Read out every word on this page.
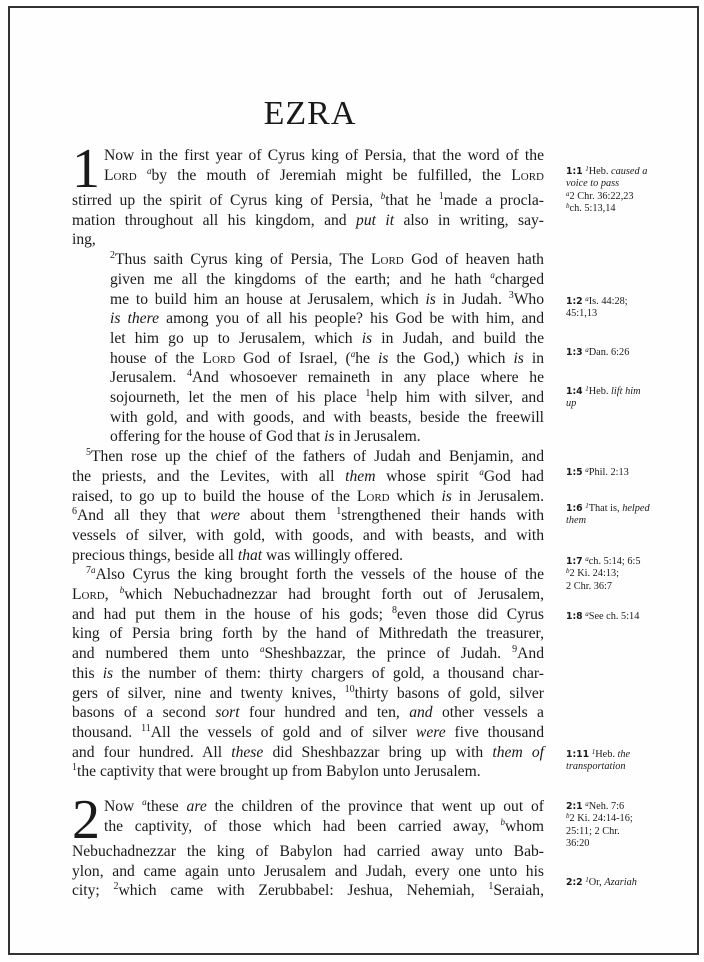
EZRA
1 Now in the first year of Cyrus king of Persia, that the word of the
Lord $^a$by the mouth of Jeremiah might be fulfilled, the Lord
stirred up the spirit of Cyrus king of Persia, $^b$that he $^1$made a procla-
mation throughout all his kingdom, and put it also in writing, say-
ing,
$^2$Thus saith Cyrus king of Persia, The Lord God of heaven hath
given me all the kingdoms of the earth; and he hath $^a$charged
me to build him an house at Jerusalem, which is in Judah. $^3$Who
is there among you of all his people? his God be with him, and
let him go up to Jerusalem, which is in Judah, and build the
house of the Lord God of Israel, ($^a$he is the God,) which is in
Jerusalem. $^4$And whosoever remaineth in any place where he
sojourneth, let the men of his place $^1$help him with silver, and
with gold, and with goods, and with beasts, beside the freewill
offering for the house of God that is in Jerusalem.
$^5$Then rose up the chief of the fathers of Judah and Benjamin, and
the priests, and the Levites, with all them whose spirit $^a$God had
raised, to go up to build the house of the Lord which is in Jerusalem.
$^6$And all they that were about them $^1$strengthened their hands with
vessels of silver, with gold, with goods, and with beasts, and with
precious things, beside all that was willingly offered.
$^{7a}$Also Cyrus the king brought forth the vessels of the house of the
Lord, $^b$which Nebuchadnezzar had brought forth out of Jerusalem,
and had put them in the house of his gods; $^8$even those did Cyrus
king of Persia bring forth by the hand of Mithredath the treasurer,
and numbered them unto $^a$Sheshbazzar, the prince of Judah. $^9$And
this is the number of them: thirty chargers of gold, a thousand char-
gers of silver, nine and twenty knives, $^{10}$thirty basons of gold, silver
basons of a second sort four hundred and ten, and other vessels a
thousand. $^{11}$All the vessels of gold and of silver were five thousand
and four hundred. All these did Sheshbazzar bring up with them of
$^1$the captivity that were brought up from Babylon unto Jerusalem.
2 Now $^a$these are the children of the province that went up out of
the captivity, of those which had been carried away, $^b$whom
Nebuchadnezzar the king of Babylon had carried away unto Bab-
ylon, and came again unto Jerusalem and Judah, every one unto his
city; $^2$which came with Zerubbabel: Jeshua, Nehemiah, $^1$Seraiah,
1:1 $^1$Heb. caused a
voice to pass
$^a$2 Chr. 36:22,23
$^b$ch. 5:13,14
1:2 $^a$Is. 44:28;
45:1,13
1:3 $^a$Dan. 6:26
1:4 $^1$Heb. lift him
up
1:5 $^a$Phil. 2:13
1:6 $^1$That is, helped
them
1:7 $^a$ch. 5:14; 6:5
$^b$2 Ki. 24:13;
2 Chr. 36:7
1:8 $^a$See ch. 5:14
1:11 $^1$Heb. the
transportation
2:1 $^a$Neh. 7:6
$^b$2 Ki. 24:14-16;
25:11; 2 Chr.
36:20
2:2 $^1$Or, Azariah
